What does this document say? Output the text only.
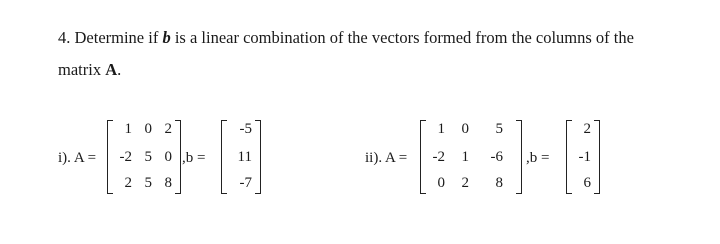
4. Determine if b is a linear combination of the vectors formed from the columns of the
matrix A.
i). A =
1 0 2
-2 5 0
2 5 8
,b =
-5
11
-7
ii). A =
1	0	5
-2	1	-6
0	2	8
,b =
2
-1
6
